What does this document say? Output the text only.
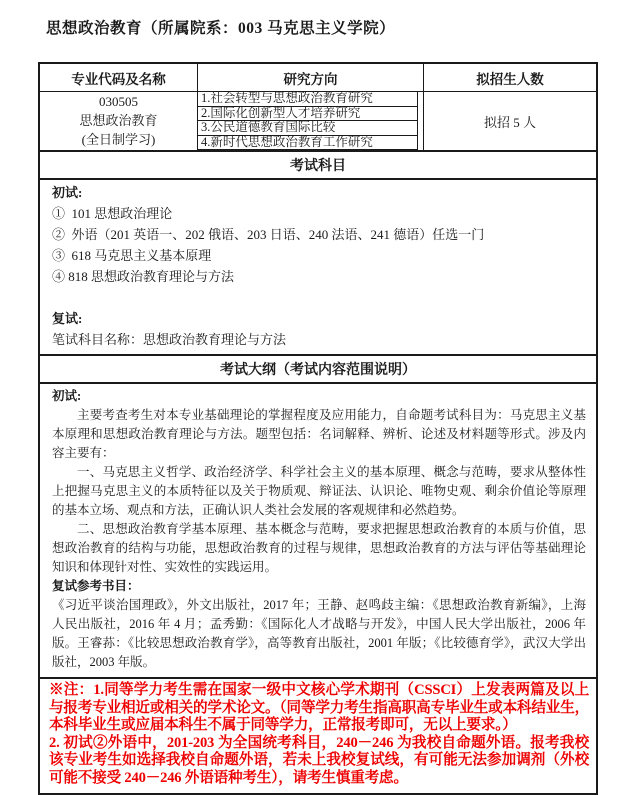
思想政治教育（所属院系：003 马克思主义学院）
专业代码及名称	研究方向	拟招生人数
030505
思想政治教育
(全日制学习)
1.社会转型与思想政治教育研究
2.国际化创新型人才培养研究
3.公民道德教育国际比较
4.新时代思想政治教育工作研究
拟招 5 人
考试科目
初试:
①  101 思想政治理论
②  外语（201 英语一、202 俄语、203 日语、240 法语、241 德语）任选一门
③  618 马克思主义基本原理
④ 818 思想政治教育理论与方法
复试:
笔试科目名称：思想政治教育理论与方法
考试大纲（考试内容范围说明）
初试:

主要考查考生对本专业基础理论的掌握程度及应用能力，自命题考试科目为：马克思主义基本原理和思想政治教育理论与方法。题型包括：名词解释、辨析、论述及材料题等形式。涉及内容主要有：

一、马克思主义哲学、政治经济学、科学社会主义的基本原理、概念与范畴，要求从整体性上把握马克思主义的本质特征以及关于物质观、辩证法、认识论、唯物史观、剩余价值论等原理的基本立场、观点和方法，正确认识人类社会发展的客观规律和必然趋势。

二、思想政治教育学基本原理、基本概念与范畴，要求把握思想政治教育的本质与价值，思想政治教育的结构与功能，思想政治教育的过程与规律，思想政治教育的方法与评估等基础理论知识和体现针对性、实效性的实践运用。

复试参考书目：

《习近平谈治国理政》，外文出版社，2017 年；王静、赵鸣歧主编：《思想政治教育新编》，上海人民出版社，2016 年 4 月；孟秀勤：《国际化人才战略与开发》，中国人民大学出版社，2006 年版。王睿荪：《比较思想政治教育学》，高等教育出版社，2001 年版；《比较德育学》，武汉大学出版社，2003 年版。

※注：1.同等学力考生需在国家一级中文核心学术期刊（CSSCI）上发表两篇及以上与报考专业相近或相关的学术论文。（同等学力考生指高职高专毕业生或本科结业生，本科毕业生或应届本科生不属于同等学力，正常报考即可，无以上要求。）

2. 初试②外语中，201-203 为全国统考科目，240－246 为我校自命题外语。报考我校该专业考生如选择我校自命题外语，若未上我校复试线，有可能无法参加调剂（外校可能不接受 240－246 外语语种考生），请考生慎重考虑。
